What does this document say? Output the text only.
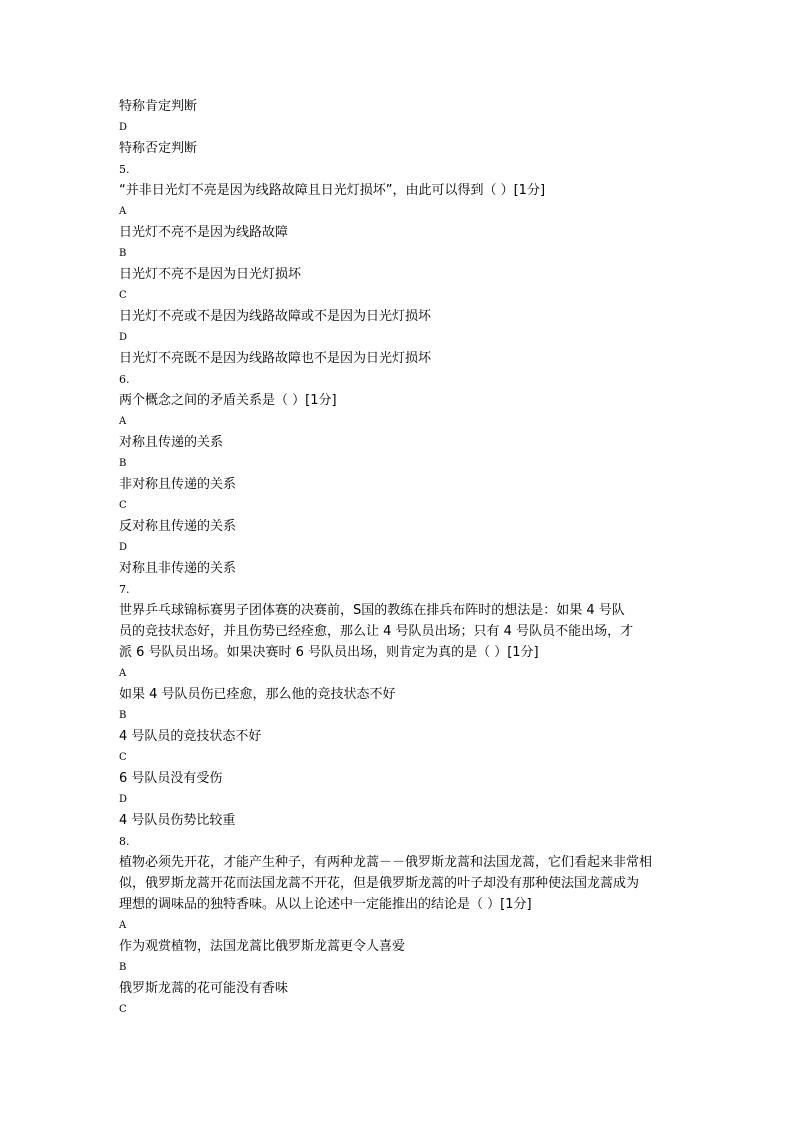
特称肯定判断
D
特称否定判断
5.
“并非日光灯不亮是因为线路故障且日光灯损坏”，由此可以得到（ ）[1分]
A
日光灯不亮不是因为线路故障
B
日光灯不亮不是因为日光灯损坏
C
日光灯不亮或不是因为线路故障或不是因为日光灯损坏
D
日光灯不亮既不是因为线路故障也不是因为日光灯损坏
6.
两个概念之间的矛盾关系是（ ）[1分]
A
对称且传递的关系
B
非对称且传递的关系
C
反对称且传递的关系
D
对称且非传递的关系
7.
世界乒乓球锦标赛男子团体赛的决赛前，S国的教练在排兵布阵时的想法是：如果 4 号队
员的竞技状态好，并且伤势已经痊愈，那么让 4 号队员出场；只有 4 号队员不能出场，才
派 6 号队员出场。如果决赛时 6 号队员出场，则肯定为真的是（ ）[1分]
A
如果 4 号队员伤已痊愈，那么他的竞技状态不好
B
4 号队员的竞技状态不好
C
6 号队员没有受伤
D
4 号队员伤势比较重
8.
植物必须先开花，才能产生种子，有两种龙蒿－－俄罗斯龙蒿和法国龙蒿，它们看起来非常相
似，俄罗斯龙蒿开花而法国龙蒿不开花，但是俄罗斯龙蒿的叶子却没有那种使法国龙蒿成为
理想的调味品的独特香味。从以上论述中一定能推出的结论是（ ）[1分]
A
作为观赏植物，法国龙蒿比俄罗斯龙蒿更令人喜爱
B
俄罗斯龙蒿的花可能没有香味
C
